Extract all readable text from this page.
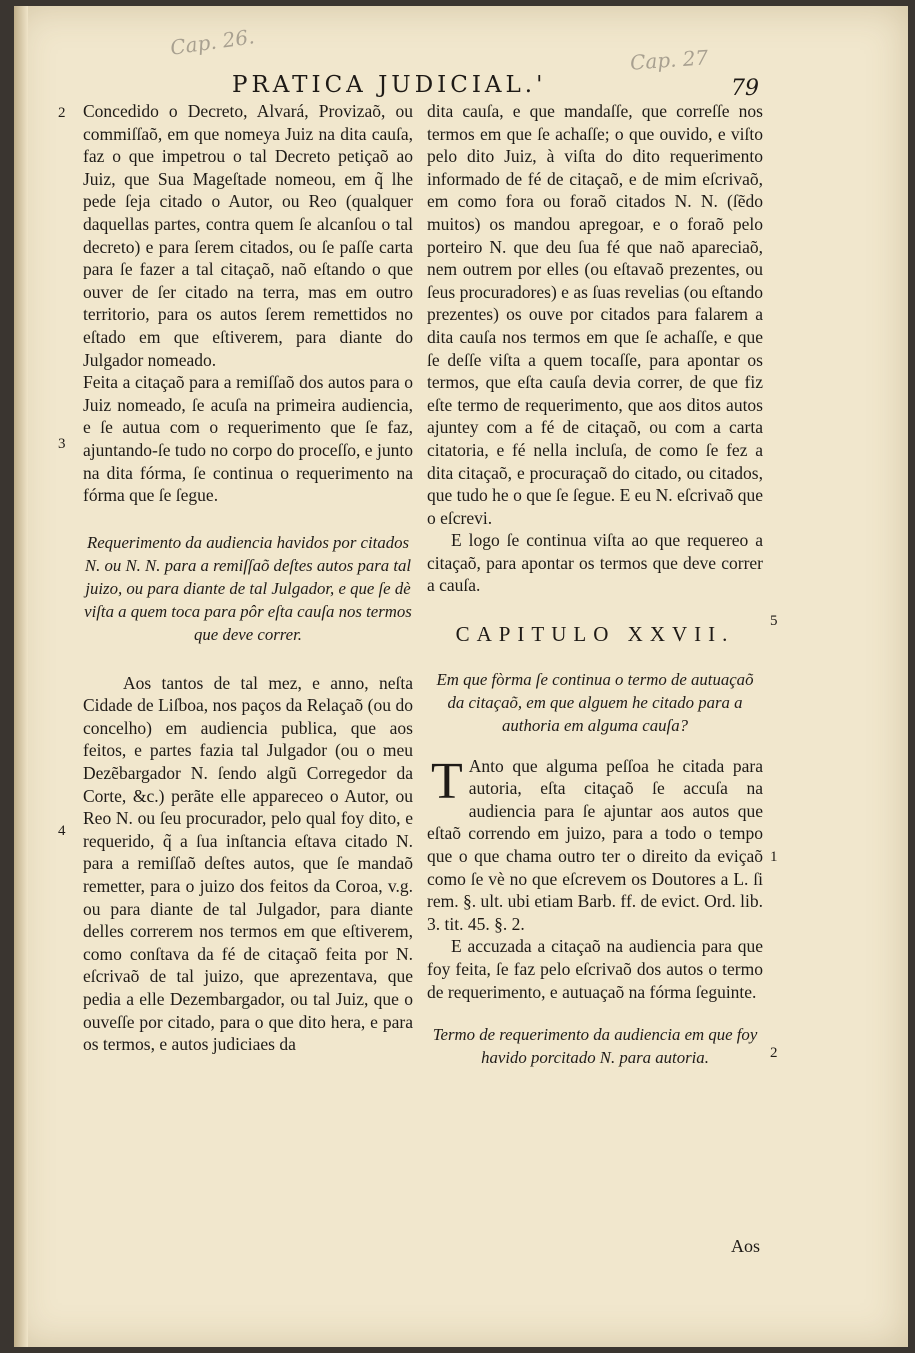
Cap. 26.
Cap. 27
PRATICA JUDICIAL.'	79
2 Concedido o Decreto, Alvará, Provizaõ, ou commiſſaõ, em que nomeya Juiz na dita cauſa, faz o que impetrou o tal Decreto petiçaõ ao Juiz, que Sua Mageſtade nomeou, em q̃ lhe pede ſeja citado o Autor, ou Reo (qualquer daquellas partes, contra quem ſe alcanſou o tal decreto) e para ſerem citados, ou ſe paſſe carta para ſe fazer a tal citaçaõ, naõ eſtando o que ouver de ſer citado na terra, mas em outro territorio, para os autos ſerem remettidos no eſtado em que eſtiverem, para diante do Julgador nomeado.

3

Feita a citaçaõ para a remiſſaõ dos autos para o Juiz nomeado, ſe acuſa na primeira audiencia, e ſe autua com o requerimento que ſe faz, ajuntando-ſe tudo no corpo do proceſſo, e junto na dita fórma, ſe continua o requerimento na fórma que ſe ſegue.

Requerimento da audiencia havidos por citados N. ou N. N. para a remiſſaõ deſtes autos para tal juizo, ou para diante de tal Julgador, e que ſe dè viſta a quem toca para pôr eſta cauſa nos termos que deve correr.

4

Aos tantos de tal mez, e anno, neſta Cidade de Liſboa, nos paços da Relaçaõ (ou do concelho) em audiencia publica, que aos feitos, e partes fazia tal Julgador (ou o meu Dezẽbargador N. ſendo algũ Corregedor da Corte, &c.) perãte elle appareceo o Autor, ou Reo N. ou ſeu procurador, pelo qual foy dito, e requerido, q̃ a ſua inſtancia eſtava citado N. para a remiſſaõ deſtes autos, que ſe mandaõ remetter, para o juizo dos feitos da Coroa, v.g. ou para diante de tal Julgador, para diante delles correrem nos termos em que eſtiverem, como conſtava da fé de citaçaõ feita por N. eſcrivaõ de tal juizo, que aprezentava, que pedia a elle Dezembargador, ou tal Juiz, que o ouveſſe por citado, para o que dito hera, e para os termos, e autos judiciaes da

dita cauſa, e que mandaſſe, que correſſe nos termos em que ſe achaſſe; o que ouvido, e viſto pelo dito Juiz, à viſta do dito requerimento informado de fé de citaçaõ, e de mim eſcrivaõ, em como fora ou foraõ citados N. N. (ſẽdo muitos) os mandou apregoar, e o foraõ pelo porteiro N. que deu ſua fé que naõ apareciaõ, nem outrem por elles (ou eſtavaõ prezentes, ou ſeus procuradores) e as ſuas revelias (ou eſtando prezentes) os ouve por citados para falarem a dita cauſa nos termos em que ſe achaſſe, e que ſe deſſe viſta a quem tocaſſe, para apontar os termos, que eſta cauſa devia correr, de que fiz eſte termo de requerimento, que aos ditos autos ajuntey com a fé de citaçaõ, ou com a carta citatoria, e fé nella incluſa, de como ſe fez a dita citaçaõ, e procuraçaõ do citado, ou citados, que tudo he o que ſe ſegue. E eu N. eſcrivaõ que o eſcrevi.

5

E logo ſe continua viſta ao que requereo a citaçaõ, para apontar os termos que deve correr a cauſa.

CAPITULO XXVII.

Em que fòrma ſe continua o termo de autuaçaõ da citaçaõ, em que alguem he citado para a authoria em alguma cauſa?

1
T Anto que alguma peſſoa he citada para autoria, eſta citaçaõ ſe accuſa na audiencia para ſe ajuntar aos autos que eſtaõ correndo em juizo, para a todo o tempo que o que chama outro ter o direito da eviçaõ como ſe vè no que eſcrevem os Doutores a L. ſi rem. §. ult. ubi etiam Barb. ff. de evict. Ord. lib. 3. tit. 45. §. 2.

2

E accuzada a citaçaõ na audiencia para que foy feita, ſe faz pelo eſcrivaõ dos autos o termo de requerimento, e autuaçaõ na fórma ſeguinte.

Termo de requerimento da audiencia em que foy havido porcitado N. para autoria.

Aos
